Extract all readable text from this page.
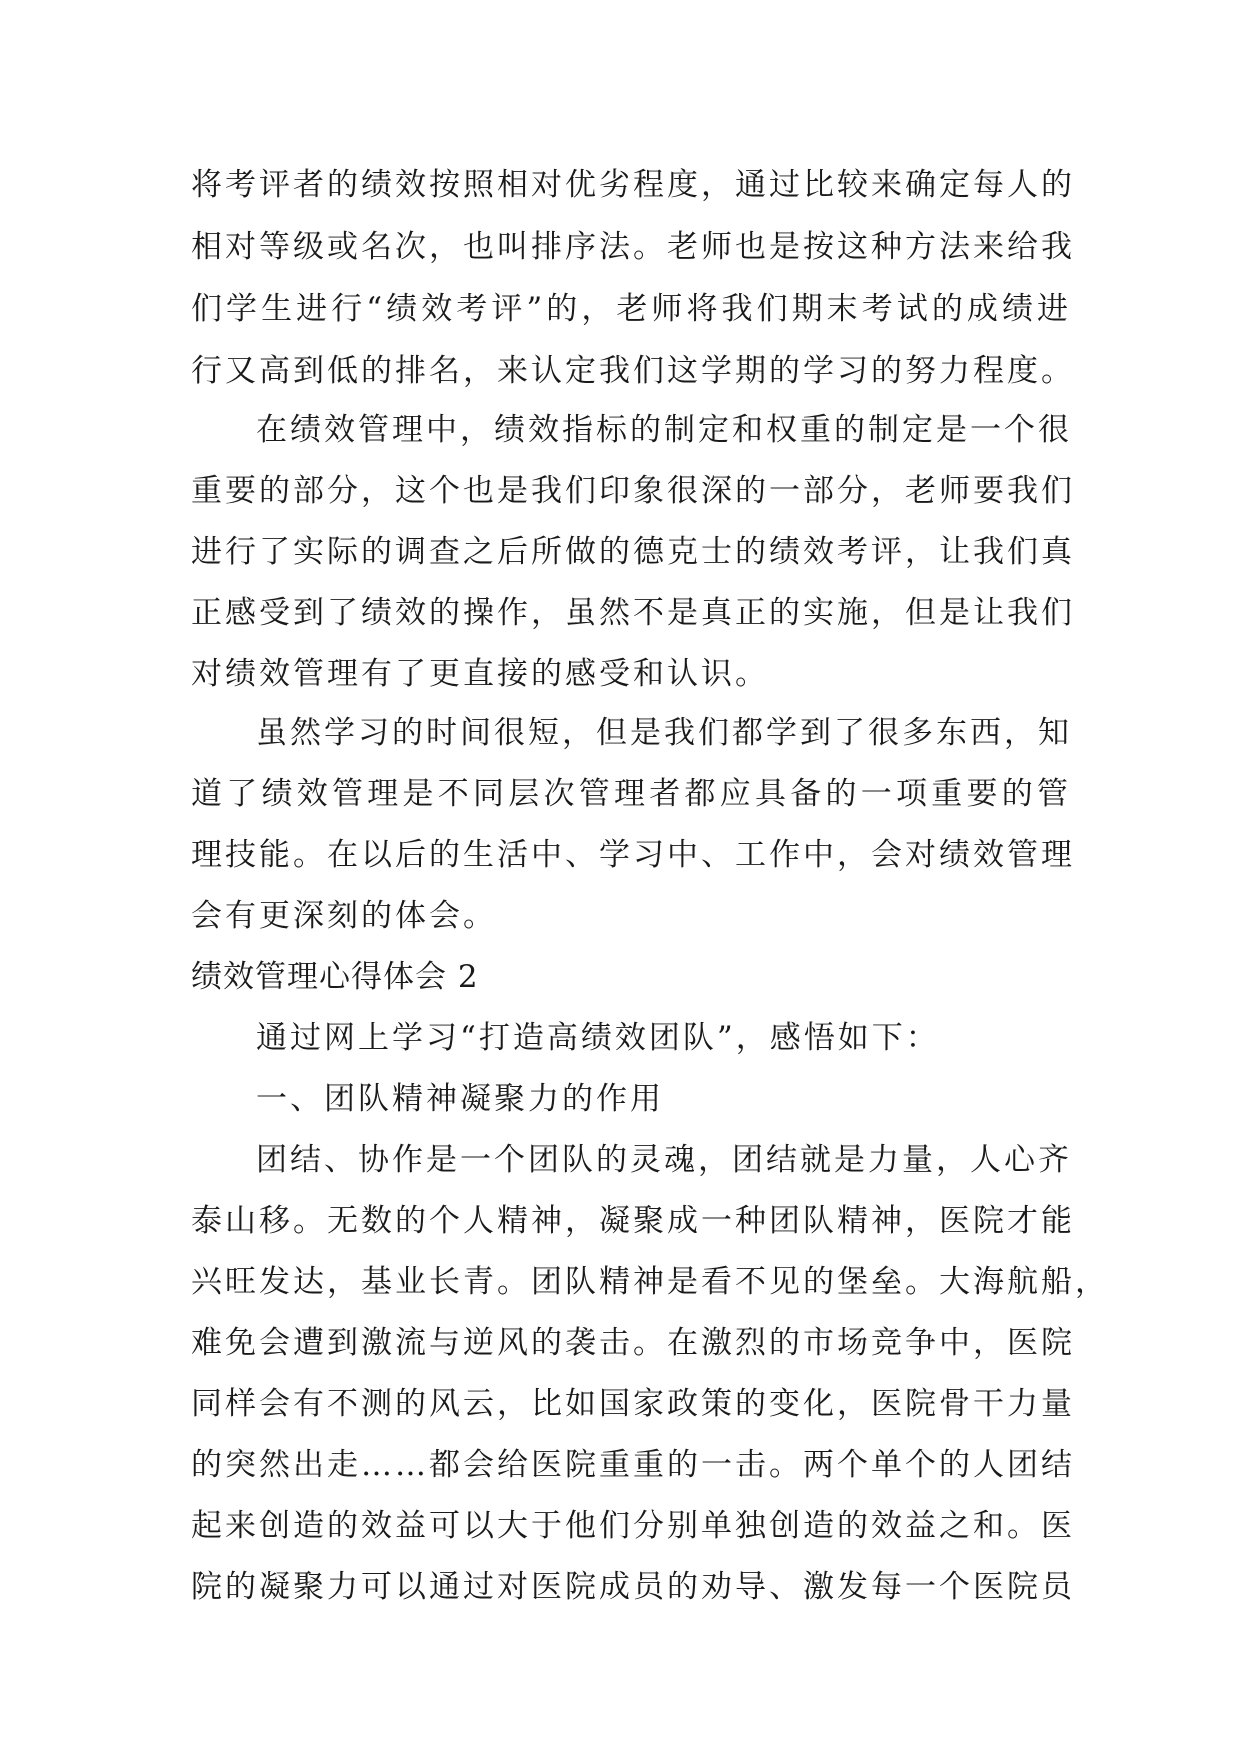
将考评者的绩效按照相对优劣程度，通过比较来确定每人的
相对等级或名次，也叫排序法。老师也是按这种方法来给我
们学生进行“绩效考评”的，老师将我们期末考试的成绩进
行又高到低的排名，来认定我们这学期的学习的努力程度。
在绩效管理中，绩效指标的制定和权重的制定是一个很
重要的部分，这个也是我们印象很深的一部分，老师要我们
进行了实际的调查之后所做的德克士的绩效考评，让我们真
正感受到了绩效的操作，虽然不是真正的实施，但是让我们
对绩效管理有了更直接的感受和认识。
虽然学习的时间很短，但是我们都学到了很多东西，知
道了绩效管理是不同层次管理者都应具备的一项重要的管
理技能。在以后的生活中、学习中、工作中，会对绩效管理
会有更深刻的体会。
绩效管理心得体会 2
通过网上学习“打造高绩效团队”，感悟如下：
一、团队精神凝聚力的作用
团结、协作是一个团队的灵魂，团结就是力量，人心齐
泰山移。无数的个人精神，凝聚成一种团队精神，医院才能
兴旺发达，基业长青。团队精神是看不见的堡垒。大海航船，
难免会遭到激流与逆风的袭击。在激烈的市场竞争中，医院
同样会有不测的风云，比如国家政策的变化，医院骨干力量
的突然出走……都会给医院重重的一击。两个单个的人团结
起来创造的效益可以大于他们分别单独创造的效益之和。医
院的凝聚力可以通过对医院成员的劝导、激发每一个医院员
